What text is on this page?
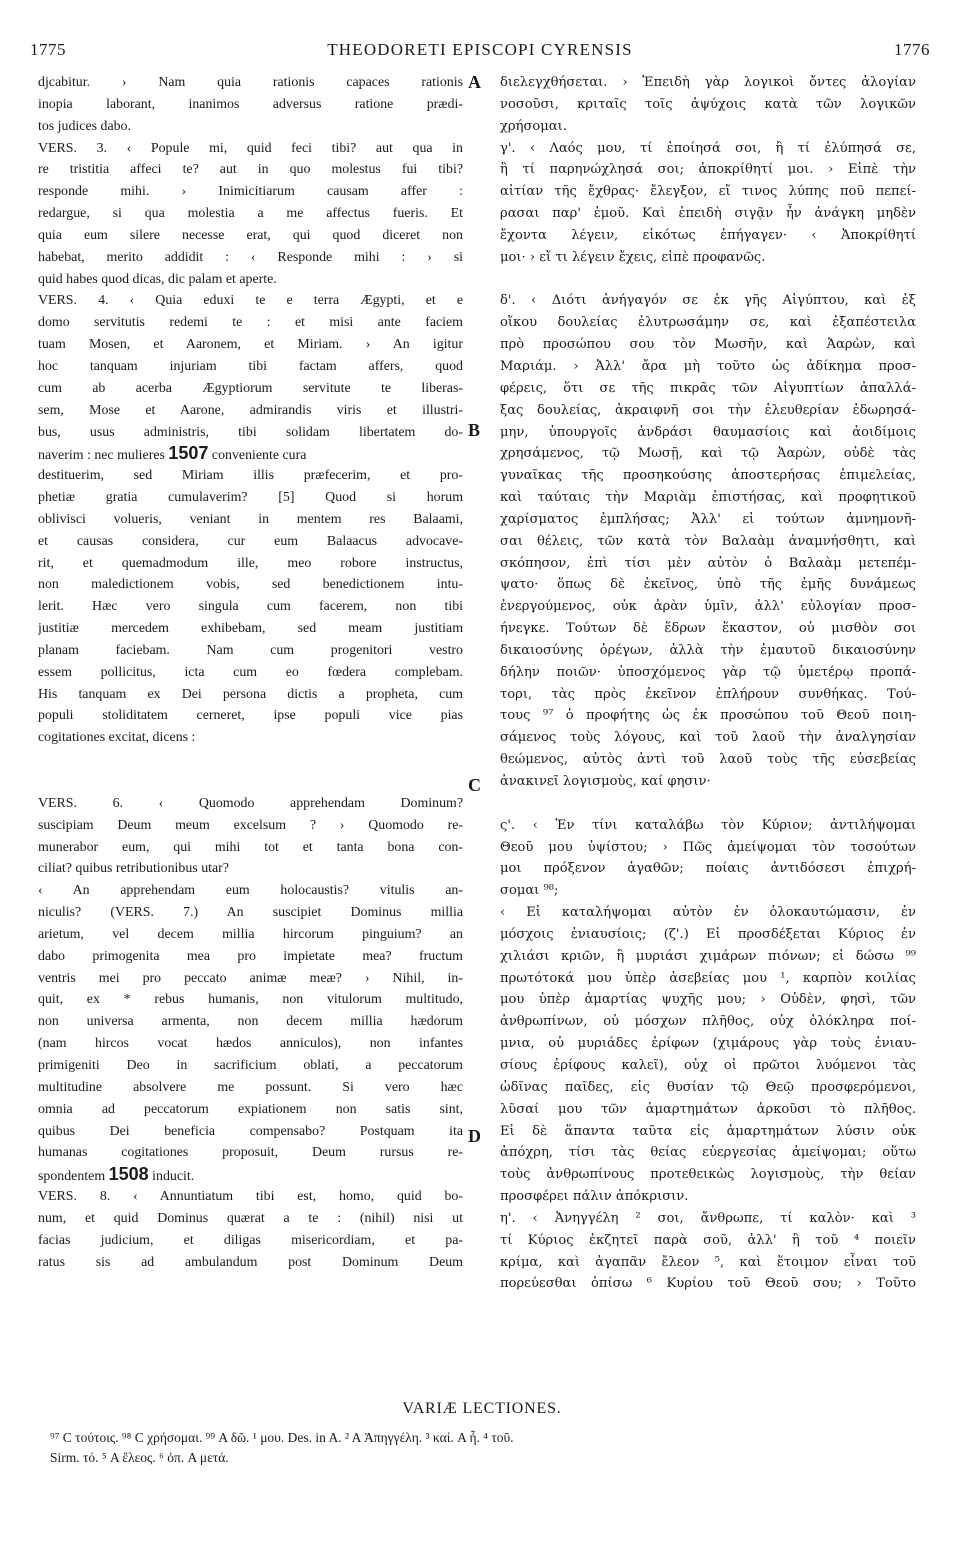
1775	THEODORETI EPISCOPI CYRENSIS	1776
A
B
C
D
djcabitur. › Nam quia rationis capaces rationis
inopia laborant, inanimos adversus ratione prædi-
tos judices dabo.
VERS. 3. ‹ Popule mi, quid feci tibi? aut qua in
re tristitia affeci te? aut in quo molestus fui tibi?
responde mihi. › Inimicitiarum causam affer :
redargue, si qua molestia a me affectus fueris. Et
quia eum silere necesse erat, qui quod diceret non
habebat, merito addidit : ‹ Responde mihi : › si
quid habes quod dicas, dic palam et aperte.
VERS. 4. ‹ Quia eduxi te e terra Ægypti, et e
domo servitutis redemi te : et misi ante faciem
tuam Mosen, et Aaronem, et Miriam. › An igitur
hoc tanquam injuriam tibi factam affers, quod
cum ab acerba Ægyptiorum servitute te liberas-
sem, Mose et Aarone, admirandis viris et illustri-
bus, usus administris, tibi solidam libertatem do-
naverim : nec mulieres 1507 conveniente cura
destituerim, sed Miriam illis præfecerim, et pro-
phetiæ gratia cumulaverim? [5] Quod si horum
oblivisci volueris, veniant in mentem res Balaami,
et causas considera, cur eum Balaacus advocave-
rit, et quemadmodum ille, meo robore instructus,
non maledictionem vobis, sed benedictionem intu-
lerit. Hæc vero singula cum facerem, non tibi
justitiæ mercedem exhibebam, sed meam justitiam
planam faciebam. Nam cum progenitori vestro
essem pollicitus, icta cum eo fœdera complebam.
His tanquam ex Dei persona dictis a propheta, cum
populi stoliditatem cerneret, ipse populi vice pias
cogitationes excitat, dicens :
VERS. 6. ‹ Quomodo apprehendam Dominum?
suscipiam Deum meum excelsum ? › Quomodo re-
munerabor eum, qui mihi tot et tanta bona con-
ciliat? quibus retributionibus utar?
‹ An apprehendam eum holocaustis? vitulis an-
niculis? (VERS. 7.) An suscipiet Dominus millia
arietum, vel decem millia hircorum pinguium? an
dabo primogenita mea pro impietate mea? fructum
ventris mei pro peccato animæ meæ? › Nihil, in-
quit, ex * rebus humanis, non vitulorum multitudo,
non universa armenta, non decem millia hædorum
(nam hircos vocat hædos anniculos), non infantes
primigeniti Deo in sacrificium oblati, a peccatorum
multitudine absolvere me possunt. Si vero hæc
omnia ad peccatorum expiationem non satis sint,
quibus Dei beneficia compensabo? Postquam ita
humanas cogitationes proposuit, Deum rursus re-
spondentem 1508 inducit.
VERS. 8. ‹ Annuntiatum tibi est, homo, quid bo-
num, et quid Dominus quærat a te : (nihil) nisi ut
facias judicium, et diligas misericordiam, et pa-
ratus sis ad ambulandum post Dominum Deum
διελεγχθήσεται. › Ἐπειδὴ γὰρ λογικοὶ ὄντες ἀλογίαν
νοσοῦσι, κριταῖς τοῖς ἀψύχοις κατὰ τῶν λογικῶν
χρήσομαι.
γ'. ‹ Λαός μου, τί ἐποίησά σοι, ἢ τί ἐλύπησά σε,
ἢ τί παρηνώχλησά σοι; ἀποκρίθητί μοι. › Εἰπὲ τὴν
αἰτίαν τῆς ἔχθρας· ἔλεγξον, εἴ τινος λύπης ποῦ πεπεί-
ρασαι παρ' ἐμοῦ. Καὶ ἐπειδὴ σιγᾷν ἦν ἀνάγκη μηδὲν
ἔχοντα λέγειν, εἰκότως ἐπήγαγεν· ‹ Ἀποκρίθητί
μοι· › εἴ τι λέγειν ἔχεις, εἰπὲ προφανῶς.
δ'. ‹ Διότι ἀνήγαγόν σε ἐκ γῆς Αἰγύπτου, καὶ ἐξ
οἴκου δουλείας ἐλυτρωσάμην σε, καὶ ἐξαπέστειλα
πρὸ προσώπου σου τὸν Μωσῆν, καὶ Ἀαρὼν, καὶ
Μαριάμ. › Ἀλλ' ἄρα μὴ τοῦτο ὡς ἀδίκημα προσ-
φέρεις, ὅτι σε τῆς πικρᾶς τῶν Αἰγυπτίων ἀπαλλά-
ξας δουλείας, ἀκραιφνῆ σοι τὴν ἐλευθερίαν ἐδωρησά-
μην, ὑπουργοῖς ἀνδράσι θαυμασίοις καὶ ἀοιδίμοις
χρησάμενος, τῷ Μωσῇ, καὶ τῷ Ἀαρὼν, οὐδὲ τὰς
γυναῖκας τῆς προσηκούσης ἀποστερήσας ἐπιμελείας,
καὶ ταύταις τὴν Μαριὰμ ἐπιστήσας, καὶ προφητικοῦ
χαρίσματος ἐμπλήσας; Ἀλλ' εἰ τούτων ἀμνημονῆ-
σαι θέλεις, τῶν κατὰ τὸν Βαλαὰμ ἀναμνήσθητι, καὶ
σκόπησον, ἐπὶ τίσι μὲν αὐτὸν ὁ Βαλαὰμ μετεπέμ-
ψατο· ὅπως δὲ ἐκεῖνος, ὑπὸ τῆς ἐμῆς δυνάμεως
ἐνεργούμενος, οὐκ ἀρὰν ὑμῖν, ἀλλ' εὐλογίαν προσ-
ήνεγκε. Τούτων δὲ ἕδρων ἕκαστον, οὐ μισθὸν σοι
δικαιοσύνης ὀρέγων, ἀλλὰ τὴν ἐμαυτοῦ δικαιοσύνην
δήλην ποιῶν· ὑποσχόμενος γὰρ τῷ ὑμετέρῳ προπά-
τορι, τὰς πρὸς ἐκεῖνον ἐπλήρουν συνθήκας. Τού-
τους ⁹⁷ ὁ προφήτης ὡς ἐκ προσώπου τοῦ Θεοῦ ποιη-
σάμενος τοὺς λόγους, καὶ τοῦ λαοῦ τὴν ἀναλγησίαν
θεώμενος, αὐτὸς ἀντὶ τοῦ λαοῦ τοὺς τῆς εὐσεβείας
ἀνακινεῖ λογισμοὺς, καί φησιν·
ς'. ‹ Ἐν τίνι καταλάβω τὸν Κύριον; ἀντιλήψομαι
Θεοῦ μου ὑψίστου; › Πῶς ἀμείψομαι τὸν τοσούτων
μοι πρόξενον ἀγαθῶν; ποίαις ἀντιδόσεσι ἐπιχρή-
σομαι ⁹⁸;
‹ Εἰ καταλήψομαι αὐτὸν ἐν ὁλοκαυτώμασιν, ἐν
μόσχοις ἐνιαυσίοις; (ζ'.) Εἰ προσδέξεται Κύριος ἐν
χιλιάσι κριῶν, ἢ μυριάσι χιμάρων πιόνων; εἰ δώσω ⁹⁹
πρωτότοκά μου ὑπὲρ ἀσεβείας μου ¹, καρπὸν κοιλίας
μου ὑπὲρ ἁμαρτίας ψυχῆς μου; › Οὐδὲν, φησὶ, τῶν
ἀνθρωπίνων, οὐ μόσχων πλῆθος, οὐχ ὁλόκληρα ποί-
μνια, οὐ μυριάδες ἐρίφων (χιμάρους γὰρ τοὺς ἐνιαυ-
σίους ἐρίφους καλεῖ), οὐχ οἱ πρῶτοι λυόμενοι τὰς
ὠδῖνας παῖδες, εἰς θυσίαν τῷ Θεῷ προσφερόμενοι,
λῦσαί μου τῶν ἁμαρτημάτων ἀρκοῦσι τὸ πλῆθος.
Εἰ δὲ ἅπαντα ταῦτα εἰς ἁμαρτημάτων λύσιν οὐκ
ἀπόχρη, τίσι τὰς θείας εὐεργεσίας ἀμείψομαι; οὕτω
τοὺς ἀνθρωπίνους προτεθεικὼς λογισμοὺς, τὴν θείαν
προσφέρει πάλιν ἀπόκρισιν.
η'. ‹ Ἀνηγγέλη ² σοι, ἄνθρωπε, τί καλὸν· καὶ ³
τί Κύριος ἐκζητεῖ παρὰ σοῦ, ἀλλ' ἢ τοῦ ⁴ ποιεῖν
κρίμα, καὶ ἀγαπᾶν ἔλεον ⁵, καὶ ἕτοιμον εἶναι τοῦ
πορεύεσθαι ὀπίσω ⁶ Κυρίου τοῦ Θεοῦ σου; › Τοῦτο
VARIÆ LECTIONES.
⁹⁷ C τούτοις. ⁹⁸ C χρήσομαι. ⁹⁹ A δῶ. ¹ μου. Des. in A. ² A Ἀπηγγέλη. ³ καί. A ἦ. ⁴ τοῦ.
Sirm. τό. ⁵ A ἔλεος. ⁶ ὀπ. A μετά.
